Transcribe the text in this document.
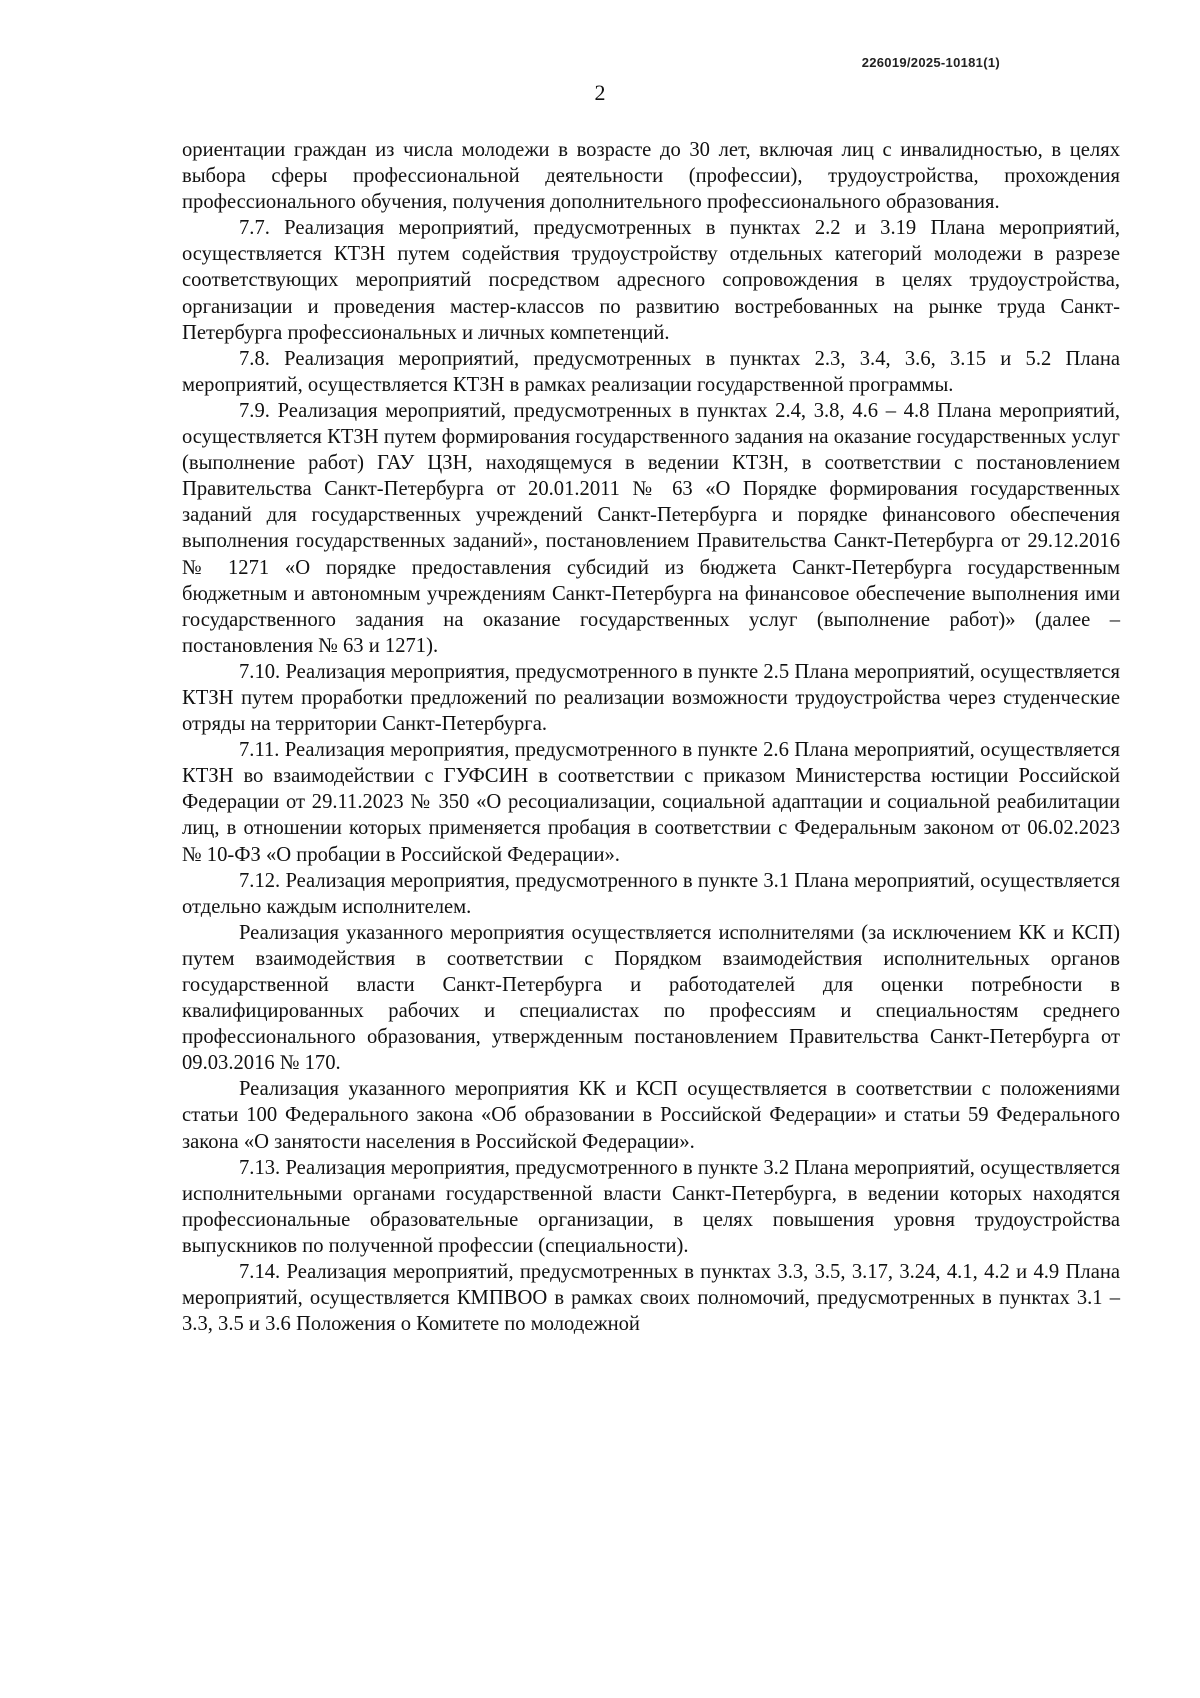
226019/2025-10181(1)
2

ориентации граждан из числа молодежи в возрасте до 30 лет, включая лиц с инвалидностью, в целях выбора сферы профессиональной деятельности (профессии), трудоустройства, прохождения профессионального обучения, получения дополнительного профессионального образования.

7.7. Реализация мероприятий, предусмотренных в пунктах 2.2 и 3.19 Плана мероприятий, осуществляется КТЗН путем содействия трудоустройству отдельных категорий молодежи в разрезе соответствующих мероприятий посредством адресного сопровождения в целях трудоустройства, организации и проведения мастер-классов по развитию востребованных на рынке труда Санкт-Петербурга профессиональных и личных компетенций.

7.8. Реализация мероприятий, предусмотренных в пунктах 2.3, 3.4, 3.6, 3.15 и 5.2 Плана мероприятий, осуществляется КТЗН в рамках реализации государственной программы.

7.9. Реализация мероприятий, предусмотренных в пунктах 2.4, 3.8, 4.6 – 4.8 Плана мероприятий, осуществляется КТЗН путем формирования государственного задания на оказание государственных услуг (выполнение работ) ГАУ ЦЗН, находящемуся в ведении КТЗН, в соответствии с постановлением Правительства Санкт-Петербурга от 20.01.2011 № 63 «О Порядке формирования государственных заданий для государственных учреждений Санкт-Петербурга и порядке финансового обеспечения выполнения государственных заданий», постановлением Правительства Санкт-Петербурга от 29.12.2016 № 1271 «О порядке предоставления субсидий из бюджета Санкт-Петербурга государственным бюджетным и автономным учреждениям Санкт-Петербурга на финансовое обеспечение выполнения ими государственного задания на оказание государственных услуг (выполнение работ)» (далее – постановления № 63 и 1271).

7.10. Реализация мероприятия, предусмотренного в пункте 2.5 Плана мероприятий, осуществляется КТЗН путем проработки предложений по реализации возможности трудоустройства через студенческие отряды на территории Санкт-Петербурга.

7.11. Реализация мероприятия, предусмотренного в пункте 2.6 Плана мероприятий, осуществляется КТЗН во взаимодействии с ГУФСИН в соответствии с приказом Министерства юстиции Российской Федерации от 29.11.2023 № 350 «О ресоциализации, социальной адаптации и социальной реабилитации лиц, в отношении которых применяется пробация в соответствии с Федеральным законом от 06.02.2023 № 10-ФЗ «О пробации в Российской Федерации».

7.12. Реализация мероприятия, предусмотренного в пункте 3.1 Плана мероприятий, осуществляется отдельно каждым исполнителем.

Реализация указанного мероприятия осуществляется исполнителями (за исключением КК и КСП) путем взаимодействия в соответствии с Порядком взаимодействия исполнительных органов государственной власти Санкт-Петербурга и работодателей для оценки потребности в квалифицированных рабочих и специалистах по профессиям и специальностям среднего профессионального образования, утвержденным постановлением Правительства Санкт-Петербурга от 09.03.2016 № 170.

Реализация указанного мероприятия КК и КСП осуществляется в соответствии с положениями статьи 100 Федерального закона «Об образовании в Российской Федерации» и статьи 59 Федерального закона «О занятости населения в Российской Федерации».

7.13. Реализация мероприятия, предусмотренного в пункте 3.2 Плана мероприятий, осуществляется исполнительными органами государственной власти Санкт-Петербурга, в ведении которых находятся профессиональные образовательные организации, в целях повышения уровня трудоустройства выпускников по полученной профессии (специальности).

7.14. Реализация мероприятий, предусмотренных в пунктах 3.3, 3.5, 3.17, 3.24, 4.1, 4.2 и 4.9 Плана мероприятий, осуществляется КМПВОО в рамках своих полномочий, предусмотренных в пунктах 3.1 – 3.3, 3.5 и 3.6 Положения о Комитете по молодежной
